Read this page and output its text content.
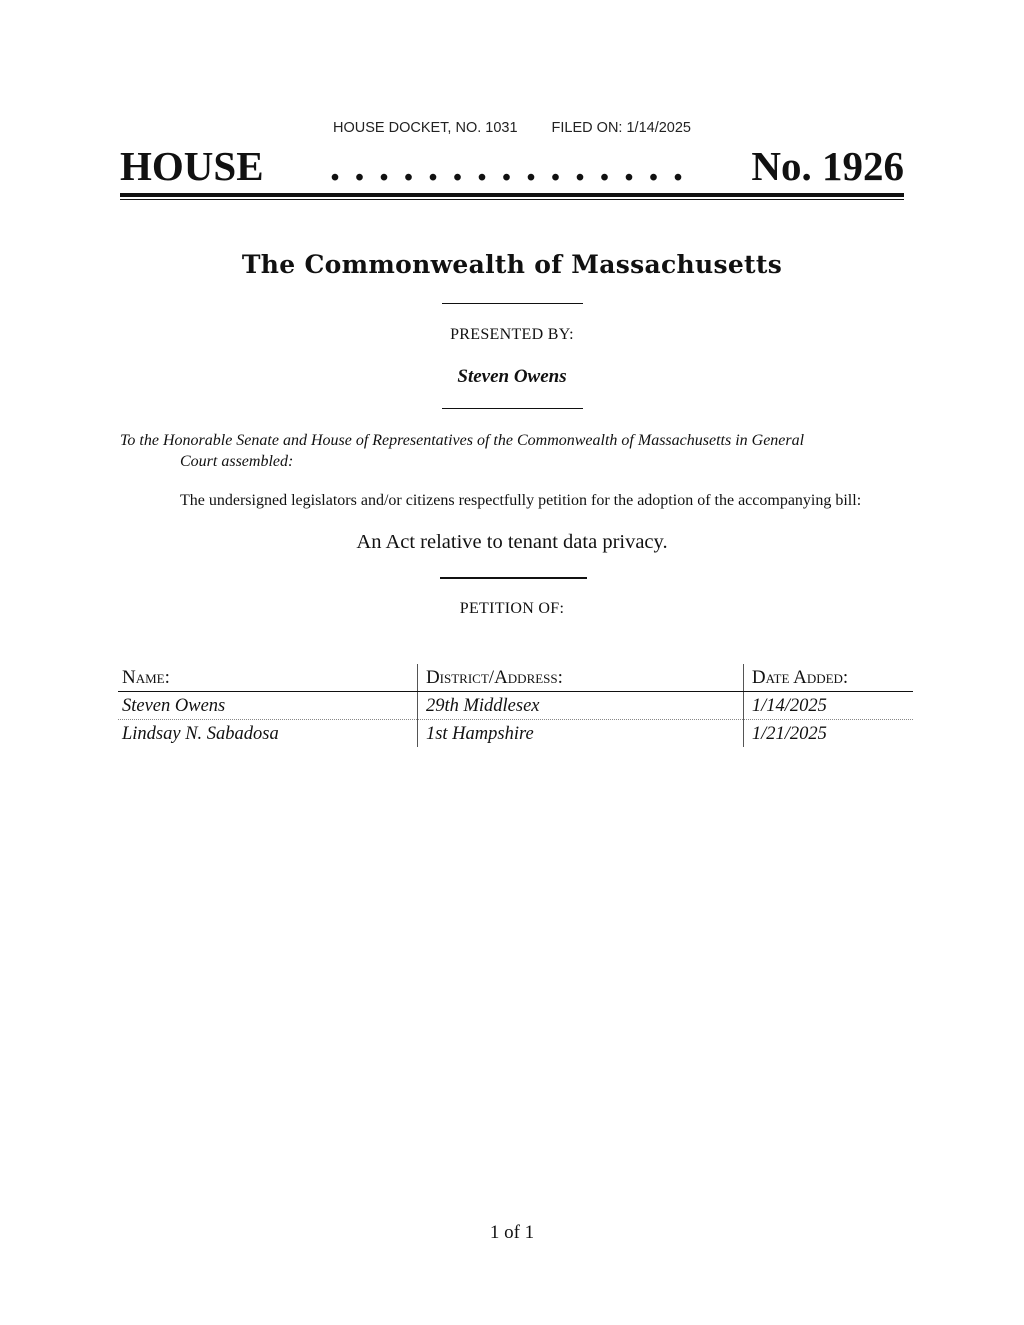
HOUSE DOCKET, NO. 1031 FILED ON: 1/14/2025
HOUSE	. . . . . . . . . . . . . . .	No. 1926
The Commonwealth of Massachusetts
PRESENTED BY:
Steven Owens
To the Honorable Senate and House of Representatives of the Commonwealth of Massachusetts in General
Court assembled:
The undersigned legislators and/or citizens respectfully petition for the adoption of the accompanying bill:
An Act relative to tenant data privacy.
PETITION OF:
Name:	District/Address:	Date Added:
Steven Owens	29th Middlesex	1/14/2025
Lindsay N. Sabadosa	1st Hampshire	1/21/2025
1 of 1
